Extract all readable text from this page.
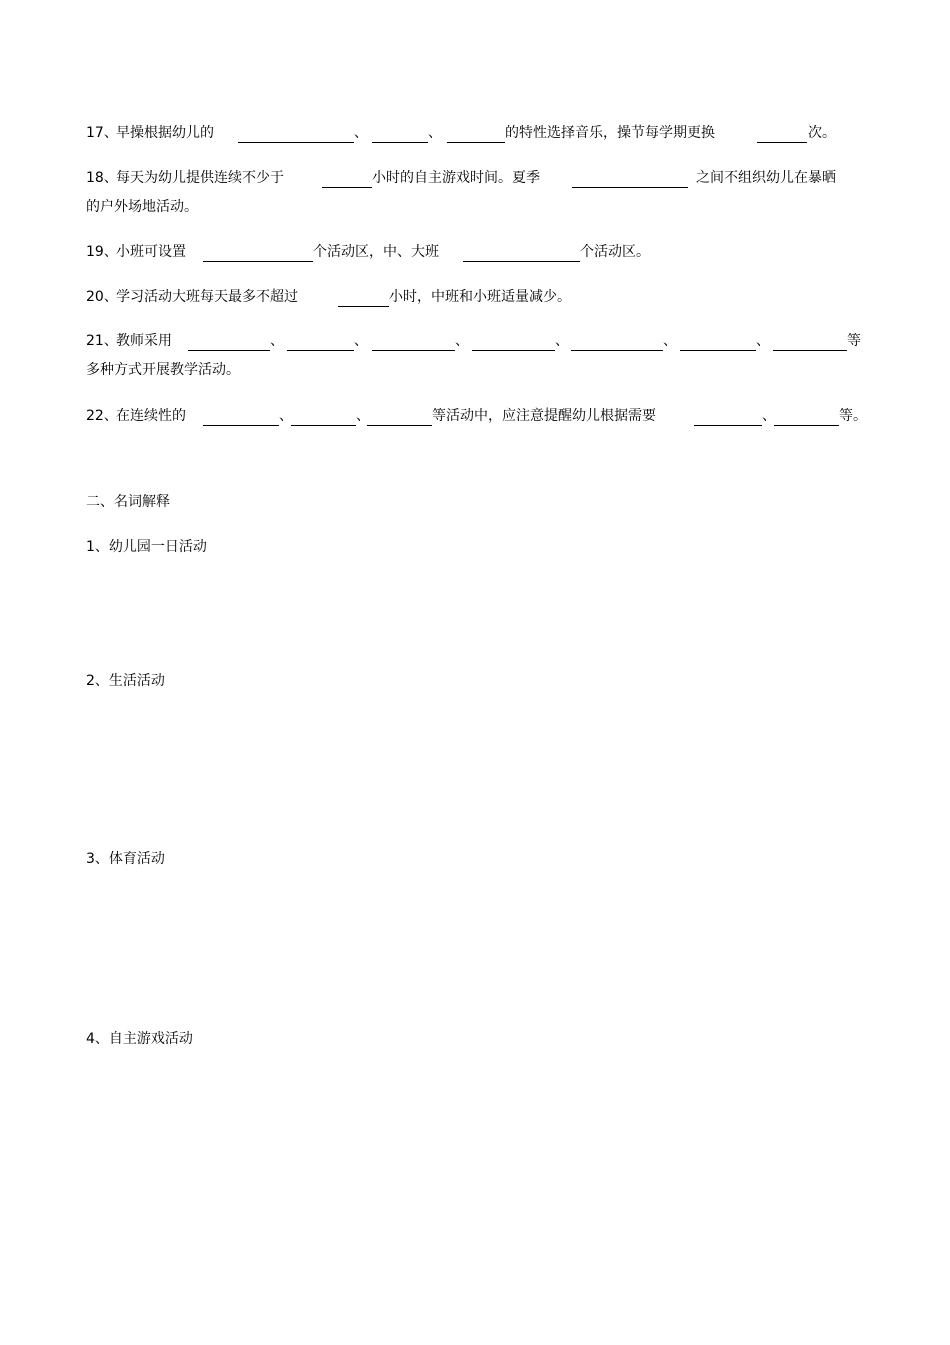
17、
早操根据幼儿的	、	、	的特性选择音乐，操节每学期更换	次。
18、
每天为幼儿提供连续不少于	小时的自主游戏时间。夏季	之间不组织幼儿在暴晒
的户外场地活动。
19、
小班可设置	个活动区，中、大班	个活动区。
20、
学习活动大班每天最多不超过	小时，中班和小班适量减少。
21、
教师采用	、	、	、	、	、	、	等
多种方式开展教学活动。
22、
在连续性的	、	、	等活动中，应注意提醒幼儿根据需要	、	等。
二、名词解释
1、幼儿园一日活动
2、生活活动
3、体育活动
4、自主游戏活动
